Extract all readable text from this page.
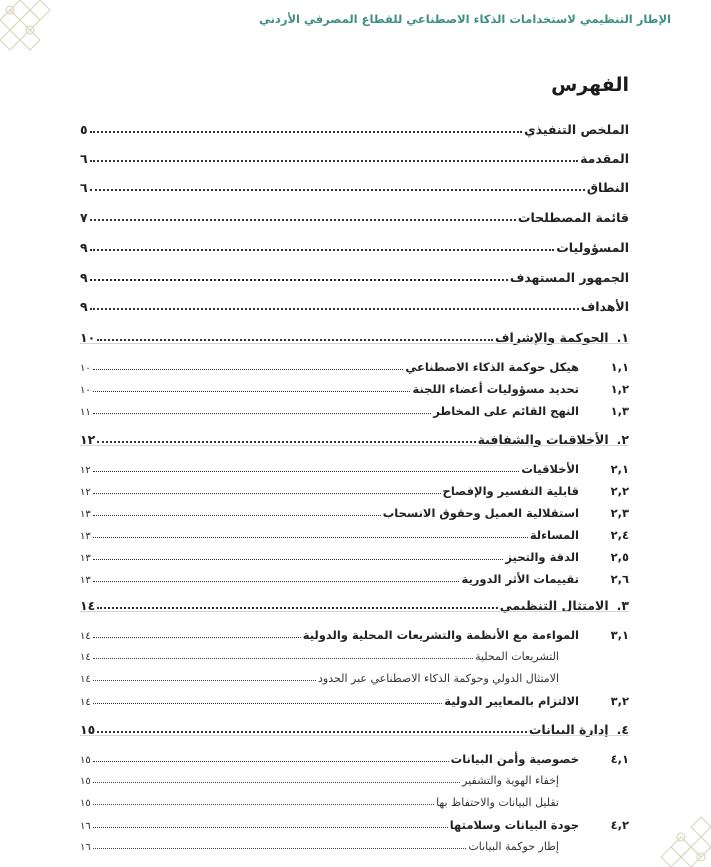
الإطار التنظيمي لاستخدامات الذكاء الاصطناعي للقطاع المصرفي الأردني
الفهرس
الملخص التنفيذي
٥
المقدمة
٦
النطاق
٦
قائمة المصطلحات
٧
المسؤوليات
٩
الجمهور المستهدف
٩
الأهداف
٩
١.
الحوكمة والإشراف
١٠
١,١
هيكل حوكمة الذكاء الاصطناعي
١٠
١,٢
تحديد مسؤوليات أعضاء اللجنة
١٠
١,٣
النهج القائم على المخاطر
١١
٢.
الأخلاقيات والشفافية
١٢
٢,١
الأخلاقيات
١٢
٢,٢
قابلية التفسير والإفصاح
١٢
٢,٣
استقلالية العميل وحقوق الانسحاب
١٣
٢,٤
المساءلة
١٣
٢,٥
الدقة والتحيز
١٣
٢,٦
تقييمات الأثر الدورية
١٣
٣.
الامتثال التنظيمي
١٤
٣,١
المواءمة مع الأنظمة والتشريعات المحلية والدولية
١٤
التشريعات المحلية
١٤
الامتثال الدولي وحوكمة الذكاء الاصطناعي عبر الحدود
١٤
٣,٢
الالتزام بالمعايير الدولية
١٤
٤.
إدارة البيانات
١٥
٤,١
خصوصية وأمن البيانات
١٥
إخفاء الهوية والتشفير
١٥
تقليل البيانات والاحتفاظ بها
١٥
٤,٢
جودة البيانات وسلامتها
١٦
إطار حوكمة البيانات
١٦
